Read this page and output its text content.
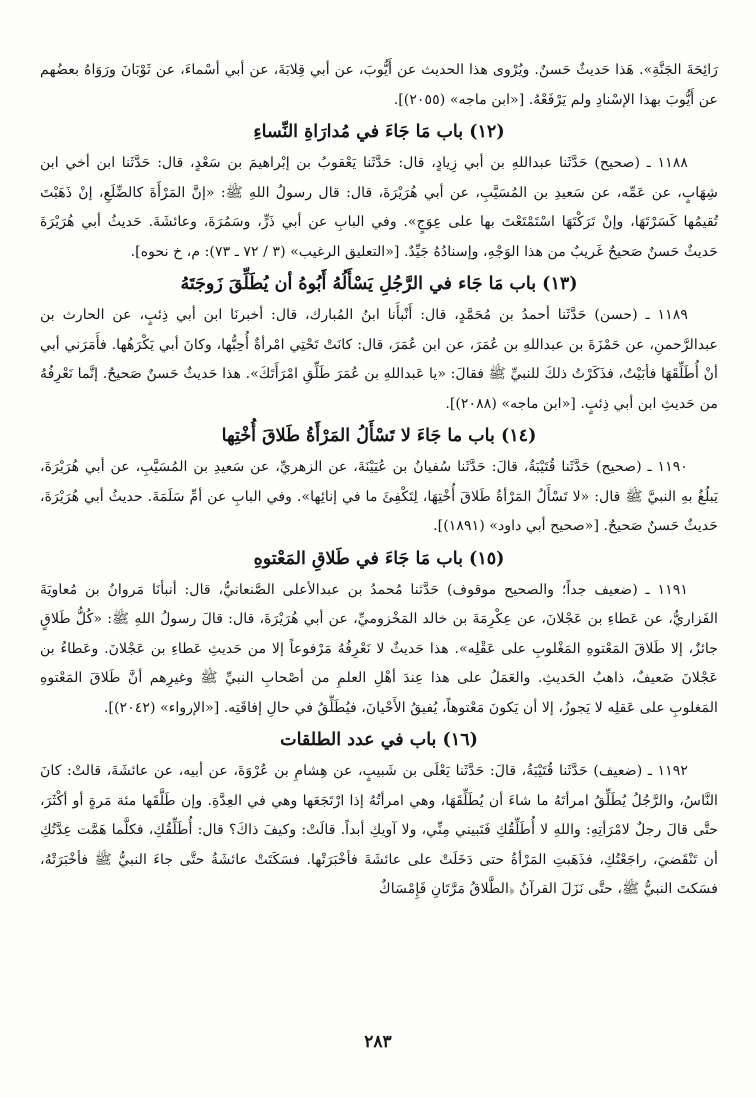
رَائِحَةَ الجَنَّةِ». هَذا حَديثٌ حَسنٌ. ويُرْوى هذا الحديث عن أَيُّوبَ، عن أبي قِلابَةَ، عن أبي أسْماءَ، عن ثَوْبَانَ ورَوَاهُ بعضُهم عن أَيُّوبَ بهذا الإسْنادِ ولم يَرْفَعْهُ. [«ابن ماجه» (٢٠٥٥)].

(١٢) باب مَا جَاءَ في مُدارَاةِ النِّساءِ

١١٨٨ ـ (صحيح) حَدَّثَنا عبداللهِ بن أبي زِيادٍ، قال: حَدَّثَنا يَعْقوبُ بن إبْراهيمَ بن سَعْدٍ، قال: حَدَّثَنا ابن أخي ابن شِهَابٍ، عن عَمِّه، عن سَعيدِ بن المُسَيَّبِ، عن أبي هُرَيْرَةَ، قال: قال رسولُ اللهِ ﷺ: «إنَّ المَرْأَةَ كالضِّلَعِ، إنْ ذَهَبْتَ تُقيمُها كَسَرْتَهَا، وإنْ تَرَكْتَهَا اسْتَمْتَعْتَ بها على عِوَجٍ». وفي البابِ عن أبي ذَرٍّ، وسَمُرَةَ، وعائشَةَ. حَديثُ أبي هُرَيْرَةَ حَديثٌ حَسنٌ صَحيحٌ غَريبٌ من هذا الوَجْهِ، وإسنادُهُ جَيِّدٌ. [«التعليق الرغيب» (٣ / ٧٢ ـ ٧٣): م، خ نحوه].

(١٣) باب مَا جَاء في الرَّجُلِ يَسْأَلُهُ أَبُوهُ أن يُطَلِّقَ زَوجَتَهُ

١١٨٩ ـ (حسن) حَدَّثَنا أحمدُ بن مُحَمَّدٍ، قال: أَنْبأَنا ابنُ المُبارك، قال: أخبرنَا ابن أبي ذِئبٍ، عن الحارث بن عبدالرَّحمنِ، عن حَمْزَةَ بن عبداللهِ بن عُمَرَ، عن ابن عُمَرَ، قال: كانَتْ تَحْتِي امْرأةٌ أُحِبُّها، وكانَ أبي يَكْرَهُها. فأَمَرَني أبي أنْ أُطَلِّقَهَا فأبَيْتُ، فذَكَرْتُ ذلكَ للنبيِّ ﷺ فقالَ: «يا عَبداللهِ بن عُمَرَ طَلِّقِ امْرَأَتَكَ». هذا حَديثٌ حَسنٌ صَحيحٌ. إنَّما نَعْرِفُهُ من حَديثِ ابن أبي ذِئبٍ. [«ابن ماجه» (٢٠٨٨)].

(١٤) باب ما جَاءَ لا تَسْأَلُ المَرْأَةُ طَلاقَ أُخْتِها

١١٩٠ ـ (صحيح) حَدَّثَنا قُتَيْبَةُ، قالَ: حَدَّثَنا سُفيانُ بن عُيَيْنَةَ، عن الزهريِّ، عن سَعيدِ بن المُسَيَّبِ، عن أبي هُرَيْرَةَ، يَبلُغُ بهِ النبيَّ ﷺ قال: «لا تَسْأَلُ المَرْأةُ طَلاقَ أُخْتِهَا، لِتَكْفِئَ ما في إنائِها». وفي البابِ عن أمِّ سَلَمَةَ. حديثُ أبي هُرَيْرَةَ، حَديثٌ حَسنٌ صَحيحٌ. [«صحيح أبي داود» (١٨٩١)].

(١٥) باب مَا جَاءَ في طَلاقِ المَعْتوهِ

١١٩١ ـ (ضعيف جداً؛ والصحيح موقوف) حَدَّثنا مُحمدُ بن عبدالأعلى الصَّنعانيُّ، قال: أنبأنَا مَروانُ بن مُعاويَةَ الفَزاريُّ، عن عَطاءِ بن عَجْلانَ، عن عِكْرِمَةَ بن خالد المَخْزوميِّ، عن أبي هُرَيْرَةَ، قال: قالَ رسولُ اللهِ ﷺ: «كُلُّ طَلاقٍ جائزٌ، إلا طَلاقَ المَعْتوهِ المَغْلوبِ على عَقْلِه». هذا حَديثٌ لا نَعْرِفُهُ مَرْفوعاً إلا من حَديثِ عَطاءِ بن عَجْلانَ. وعَطاءُ بن عَجْلانَ ضَعيفٌ، ذاهبُ الحَديثِ. والعَمَلُ على هذا عِندَ أهْلِ العلمِ من أصْحابِ النبيِّ ﷺ وغيرِهم أنَّ طَلاقَ المَعْتوهِ المَغلوبِ على عَقلِه لا يَجوزُ، إلا أن يَكونَ مَعْتوهاً، يُفيقُ الأَحْيانَ، فيُطَلِّقُ في حالِ إفاقَتِه. [«الإرواء» (٢٠٤٢)].

(١٦) باب في عدد الطلقات

١١٩٢ ـ (ضعيف) حَدَّثَنا قُتَيْبَةُ، قالَ: حَدَّثَنا يَعْلَى بن شَبيبٍ، عن هِشامِ بن عُرْوَةَ، عن أبيه، عن عائشَةَ، قالتْ: كانَ النَّاسُ، والرَّجُلُ يُطَلِّقُ امرأتَهُ ما شاءَ أن يُطَلِّقَهَا، وهي امرأتُهُ إذا ارْتَجَعَها وهي في العِدَّةِ. وإن طَلَّقَها مئة مَرةٍ أو أكْثَرَ، حتَّى قالَ رجلٌ لامْرَأتِهِ: واللهِ لا أُطَلِّقُكِ فَتَبيني مِنِّي، ولا آويكِ أبداً. قالَتْ: وكيفَ ذاكَ؟ قال: أُطَلِّقُكِ، فكلَّما هَمَّت عِدَّتُكِ أن تَنْقَضيَ، راجَعْتُكِ، فذَهَبتِ المَرْأةُ حتى دَخَلَتْ على عائشَةَ فأخْبَرَتْها. فسَكَتَتْ عائشَةُ حتَّى جاءَ النبيُّ ﷺ فأخْبَرَتْهُ، فسَكتَ النبيُّ ﷺ، حتَّى نَزَلَ القرآنُ ﴿الطَّلاقُ مَرَّتَانِ فَإِمْسَاكٌ

٢٨٣
